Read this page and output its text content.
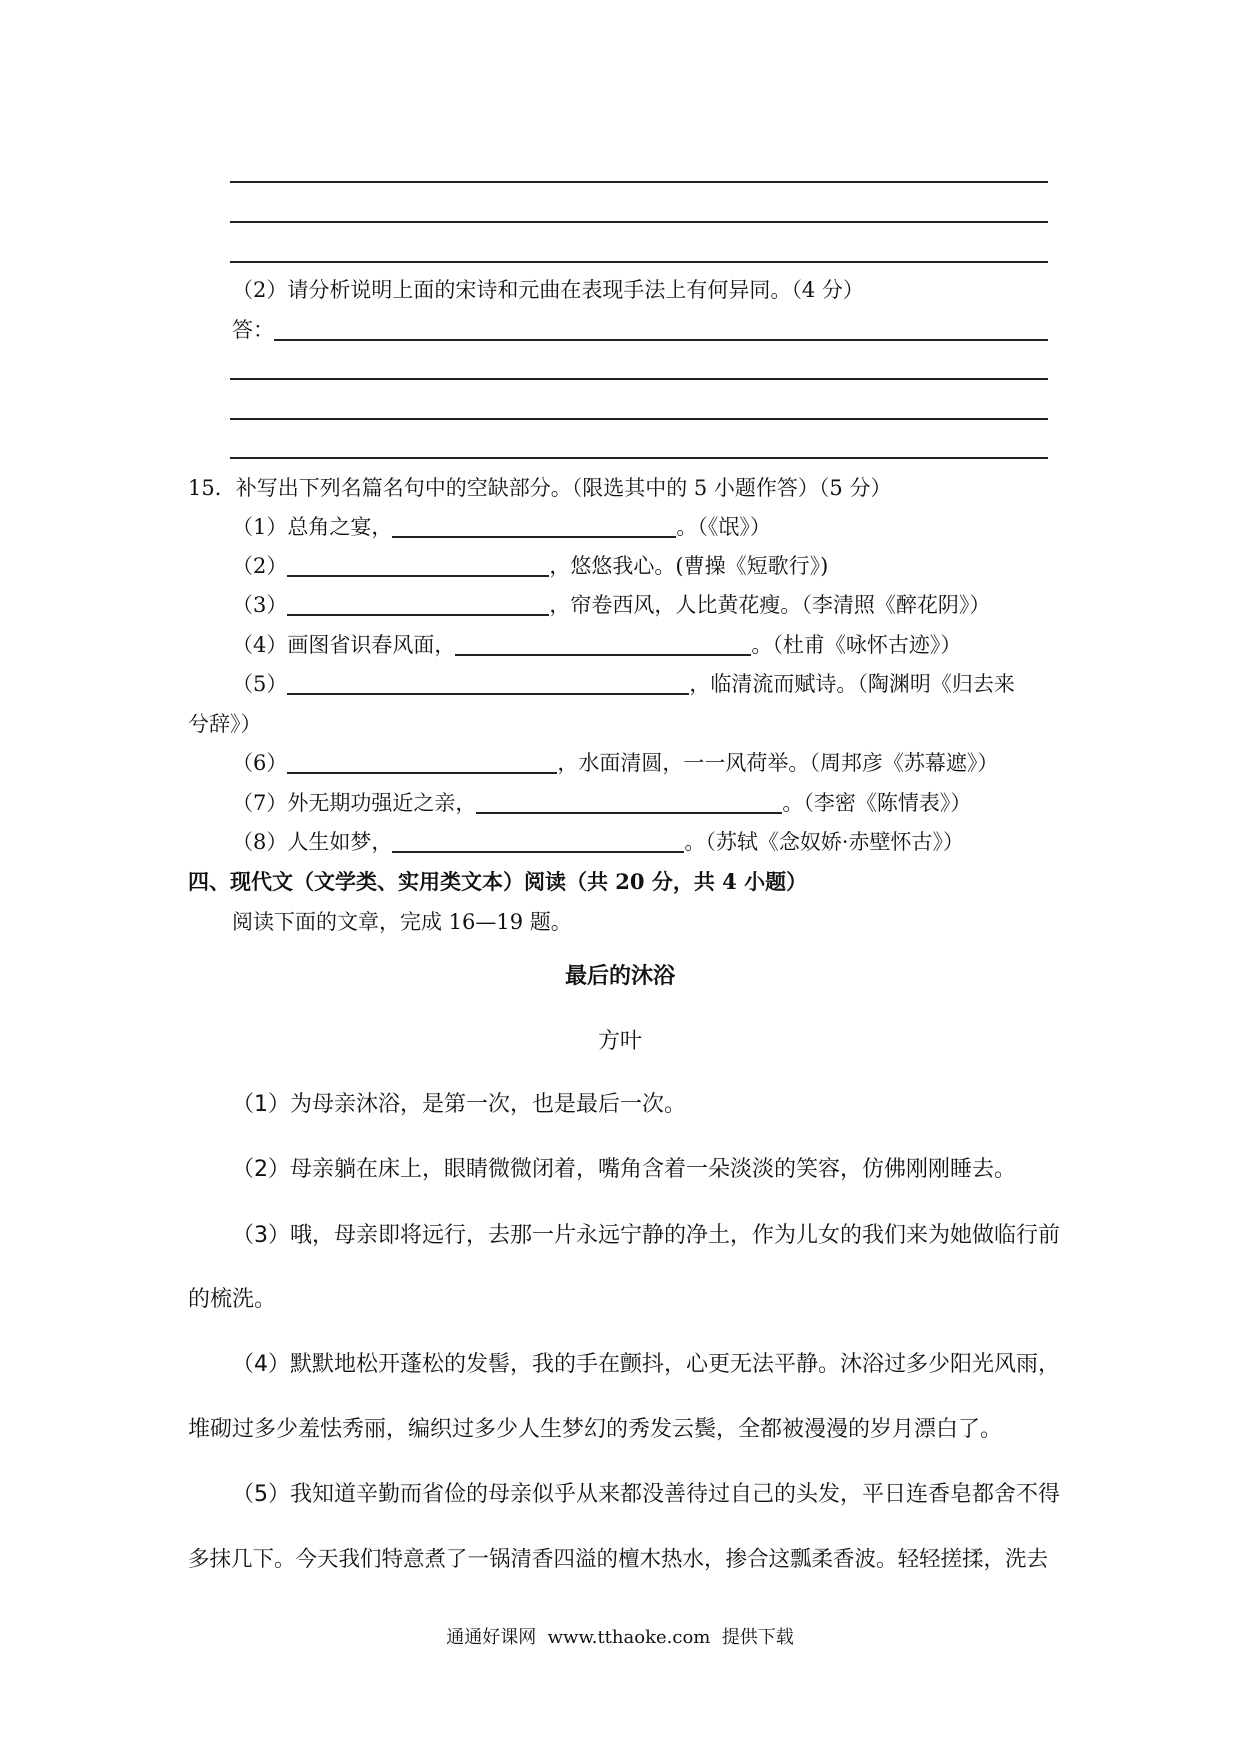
（2）请分析说明上面的宋诗和元曲在表现手法上有何异同。（4 分）
答：
15．补写出下列名篇名句中的空缺部分。（限选其中的 5 小题作答）（5 分）
（1）总角之宴，	。（《氓》）
（2）	，悠悠我心。(曹操《短歌行》)
（3）	，帘卷西风，人比黄花瘦。（李清照《醉花阴》）
（4）画图省识春风面，	。（杜甫《咏怀古迹》）
（5）	，临清流而赋诗。（陶渊明《归去来
兮辞》）
（6）	，水面清圆，一一风荷举。（周邦彦《苏幕遮》）
（7）外无期功强近之亲，	。（李密《陈情表》）
（8）人生如梦，	。（苏轼《念奴娇·赤壁怀古》）
四、现代文（文学类、实用类文本）阅读（共 20 分，共 4 小题）
阅读下面的文章，完成 16—19 题。
最后的沐浴
方叶
（1）为母亲沐浴，是第一次，也是最后一次。
（2）母亲躺在床上，眼睛微微闭着，嘴角含着一朵淡淡的笑容，仿佛刚刚睡去。
（3）哦，母亲即将远行，去那一片永远宁静的净土，作为儿女的我们来为她做临行前
的梳洗。
（4）默默地松开蓬松的发髻，我的手在颤抖，心更无法平静。沐浴过多少阳光风雨，
堆砌过多少羞怯秀丽，编织过多少人生梦幻的秀发云鬓，全都被漫漫的岁月漂白了。
（5）我知道辛勤而省俭的母亲似乎从来都没善待过自己的头发，平日连香皂都舍不得
多抹几下。今天我们特意煮了一锅清香四溢的檀木热水，掺合这瓢柔香波。轻轻搓揉，洗去
通通好课网  www.tthaoke.com  提供下载
